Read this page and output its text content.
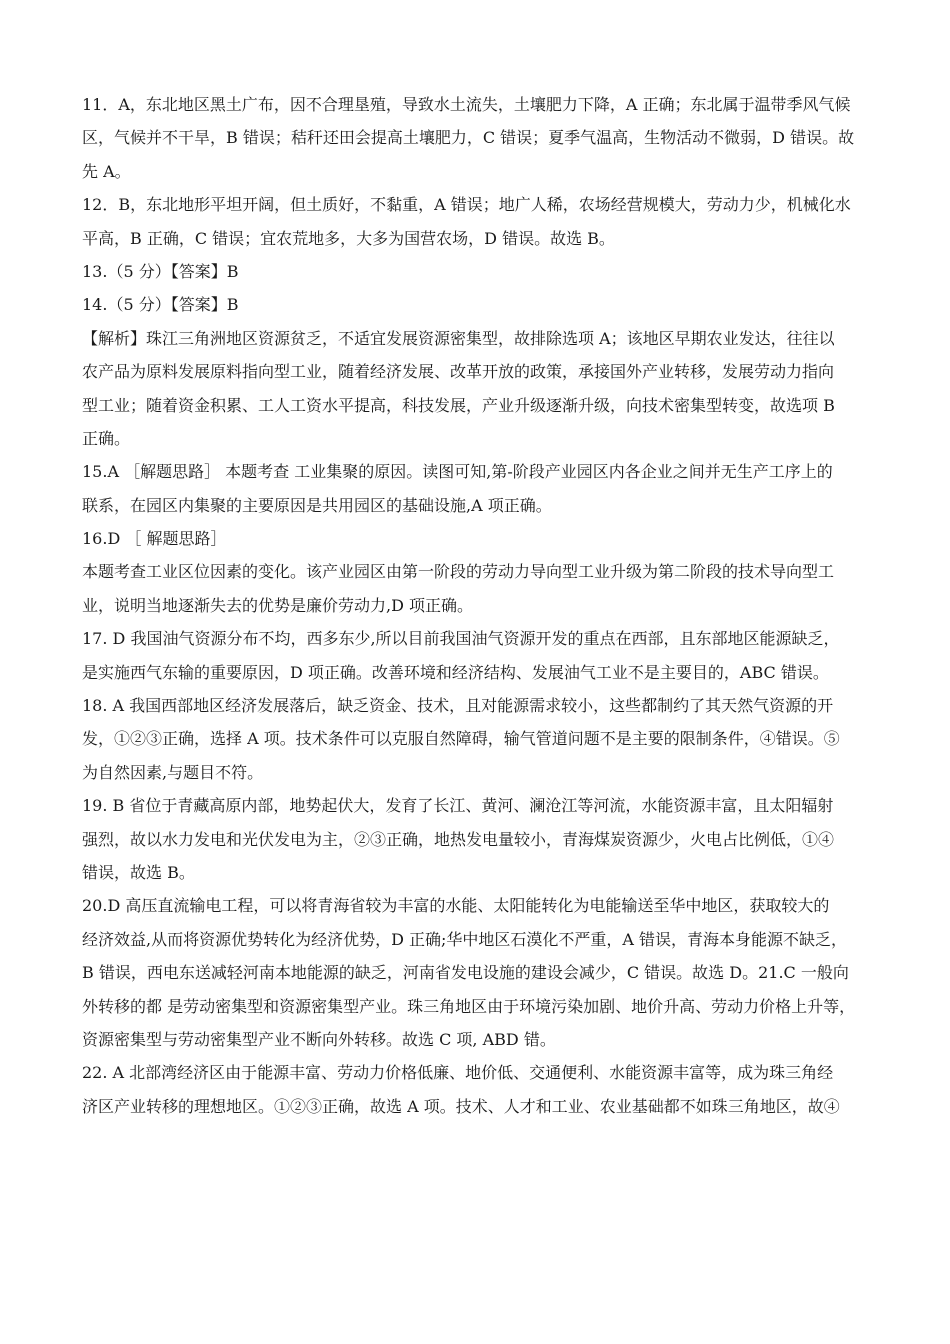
11．A，东北地区黑土广布，因不合理垦殖，导致水土流失，土壤肥力下降，A 正确；东北属于温带季风气候
区，气候并不干旱，B 错误；秸秆还田会提高土壤肥力，C 错误；夏季气温高，生物活动不微弱，D 错误。故
先 A。
12．B，东北地形平坦开阔，但土质好，不黏重，A 错误；地广人稀，农场经营规模大，劳动力少，机械化水
平高，B 正确，C 错误；宜农荒地多，大多为国营农场，D 错误。故选 B。
13.（5 分）【答案】B
14.（5 分）【答案】B
【解析】珠江三角洲地区资源贫乏，不适宜发展资源密集型，故排除选项 A；该地区早期农业发达，往往以
农产品为原料发展原料指向型工业，随着经济发展、改革开放的政策，承接国外产业转移，发展劳动力指向
型工业；随着资金积累、工人工资水平提高，科技发展，产业升级逐渐升级，向技术密集型转变，故选项 B
正确。
15.A ［解题思路］ 本题考查 工业集聚的原因。读图可知,第-阶段产业园区内各企业之间并无生产工序上的
联系，在园区内集聚的主要原因是共用园区的基础设施,A 项正确。
16.D ［ 解题思路］
本题考查工业区位因素的变化。该产业园区由第一阶段的劳动力导向型工业升级为第二阶段的技术导向型工
业，说明当地逐渐失去的优势是廉价劳动力,D 项正确。
17. D 我国油气资源分布不均，西多东少,所以目前我国油气资源开发的重点在西部，且东部地区能源缺乏，
是实施西气东输的重要原因，D 项正确。改善环境和经济结构、发展油气工业不是主要目的，ABC 错误。
18. A 我国西部地区经济发展落后，缺乏资金、技术，且对能源需求较小，这些都制约了其天然气资源的开
发，①②③正确，选择 A 项。技术条件可以克服自然障碍，输气管道问题不是主要的限制条件，④错误。⑤
为自然因素,与题目不符。
19. B 省位于青藏高原内部，地势起伏大，发育了长江、黄河、澜沧江等河流，水能资源丰富，且太阳辐射
强烈，故以水力发电和光伏发电为主，②③正确，地热发电量较小，青海煤炭资源少，火电占比例低，①④
错误，故选 B。
20.D 高压直流输电工程，可以将青海省较为丰富的水能、太阳能转化为电能输送至华中地区，获取较大的
经济效益,从而将资源优势转化为经济优势，D 正确;华中地区石漠化不严重，A 错误，青海本身能源不缺乏，
B 错误，西电东送减轻河南本地能源的缺乏，河南省发电设施的建设会减少，C 错误。故选 D。21.C 一般向
外转移的都 是劳动密集型和资源密集型产业。珠三角地区由于环境污染加剧、地价升高、劳动力价格上升等，
资源密集型与劳动密集型产业不断向外转移。故选 C 项, ABD 错。
22. A 北部湾经济区由于能源丰富、劳动力价格低廉、地价低、交通便利、水能资源丰富等，成为珠三角经
济区产业转移的理想地区。①②③正确，故选 A 项。技术、人才和工业、农业基础都不如珠三角地区，故④
